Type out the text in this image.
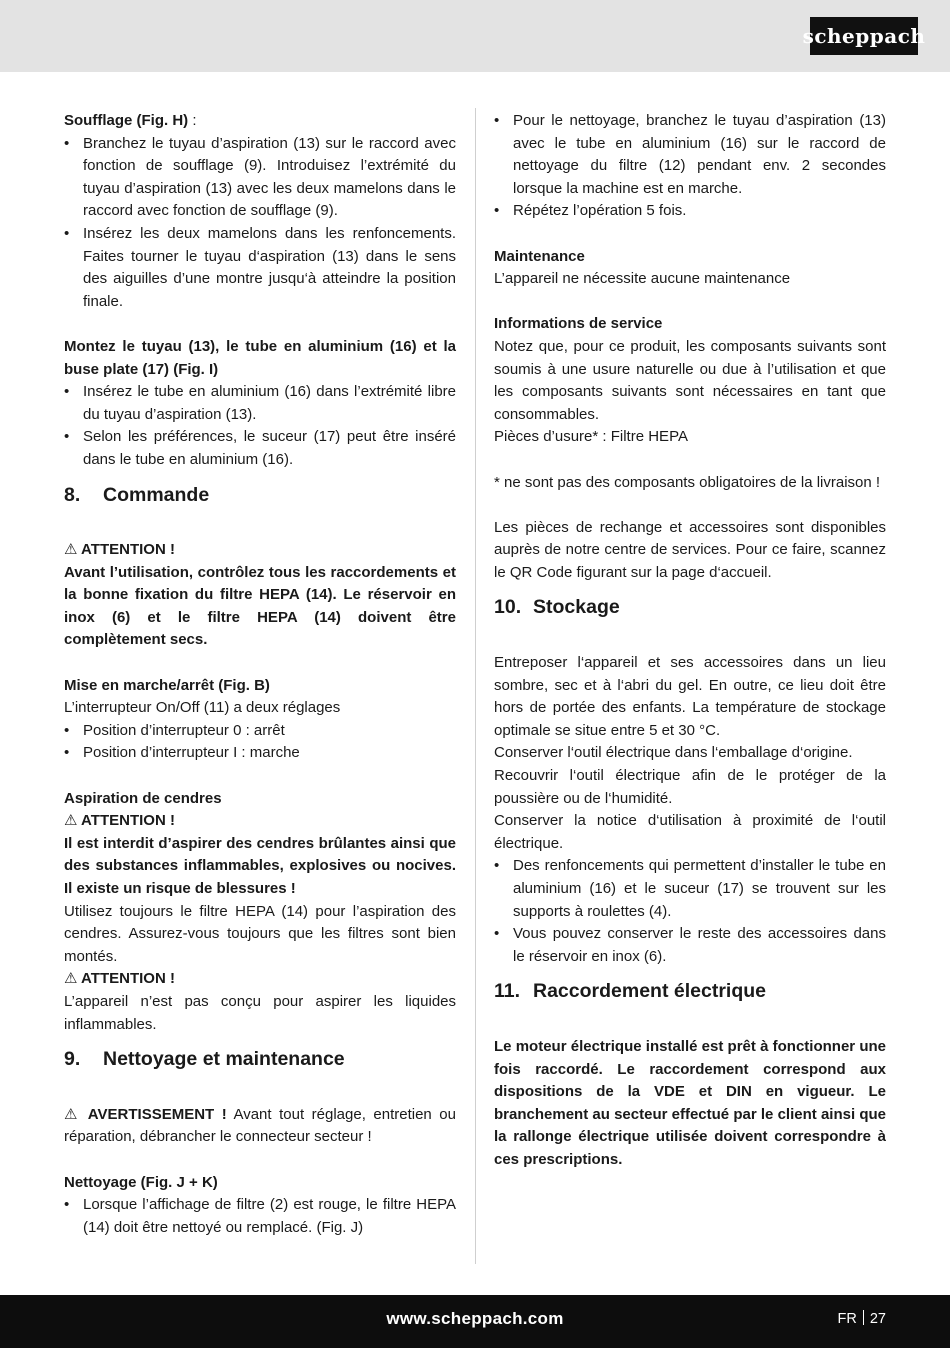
scheppach

Soufflage (Fig. H) :

• Branchez le tuyau d’aspiration (13) sur le raccord avec fonction de soufflage (9). Introduisez l’extrémité du tuyau d’aspiration (13) avec les deux mamelons dans le raccord avec fonction de soufflage (9).
• Insérez les deux mamelons dans les renfoncements. Faites tourner le tuyau d‘aspiration (13) dans le sens des aiguilles d’une montre jusqu‘à atteindre la position finale.

Montez le tuyau (13), le tube en aluminium (16) et la buse plate (17) (Fig. I)

• Insérez le tube en aluminium (16) dans l’extrémité libre du tuyau d’aspiration (13).
• Selon les préférences, le suceur (17) peut être inséré dans le tube en aluminium (16).
8.	Commande

⚠ ATTENTION !

Avant l’utilisation, contrôlez tous les raccordements et la bonne fixation du filtre HEPA (14). Le réservoir en inox (6) et le filtre HEPA (14) doivent être complètement secs.

Mise en marche/arrêt (Fig. B)

L’interrupteur On/Off (11) a deux réglages

• Position d’interrupteur 0 : arrêt
• Position d’interrupteur I : marche

Aspiration de cendres

⚠ ATTENTION !

Il est interdit d’aspirer des cendres brûlantes ainsi que des substances inflammables, explosives ou nocives. Il existe un risque de blessures !

Utilisez toujours le filtre HEPA (14) pour l’aspiration des cendres. Assurez-vous toujours que les filtres sont bien montés.

⚠ ATTENTION !

L’appareil n’est pas conçu pour aspirer les liquides inflammables.

9.	Nettoyage et maintenance

⚠ AVERTISSEMENT ! Avant tout réglage, entretien ou réparation, débrancher le connecteur secteur !

Nettoyage (Fig. J + K)

• Lorsque l’affichage de filtre (2) est rouge, le filtre HEPA (14) doit être nettoyé ou remplacé. (Fig. J)
• Pour le nettoyage, branchez le tuyau d’aspiration (13) avec le tube en aluminium (16) sur le raccord de nettoyage du filtre (12) pendant env. 2 secondes lorsque la machine est en marche.
• Répétez l’opération 5 fois.

Maintenance

L’appareil ne nécessite aucune maintenance

Informations de service

Notez que, pour ce produit, les composants suivants sont soumis à une usure naturelle ou due à l’utilisation et que les composants suivants sont nécessaires en tant que consommables.

Pièces d’usure* : Filtre HEPA

* ne sont pas des composants obligatoires de la livraison !

Les pièces de rechange et accessoires sont disponibles auprès de notre centre de services. Pour ce faire, scannez le QR Code figurant sur la page d‘accueil.

10. Stockage

Entreposer l‘appareil et ses accessoires dans un lieu sombre, sec et à l‘abri du gel. En outre, ce lieu doit être hors de portée des enfants. La température de stockage optimale se situe entre 5 et 30 °C.

Conserver l‘outil électrique dans l‘emballage d‘origine.

Recouvrir l‘outil électrique afin de le protéger de la poussière ou de l‘humidité.

Conserver la notice d‘utilisation à proximité de l‘outil électrique.

• Des renfoncements qui permettent d’installer le tube en aluminium (16) et le suceur (17) se trouvent sur les supports à roulettes (4).
• Vous pouvez conserver le reste des accessoires dans le réservoir en inox (6).
11. Raccordement électrique

Le moteur électrique installé est prêt à fonctionner une fois raccordé. Le raccordement correspond aux dispositions de la VDE et DIN en vigueur. Le branchement au secteur effectué par le client ainsi que la rallonge électrique utilisée doivent correspondre à ces prescriptions.

www.scheppach.com	FR 27
